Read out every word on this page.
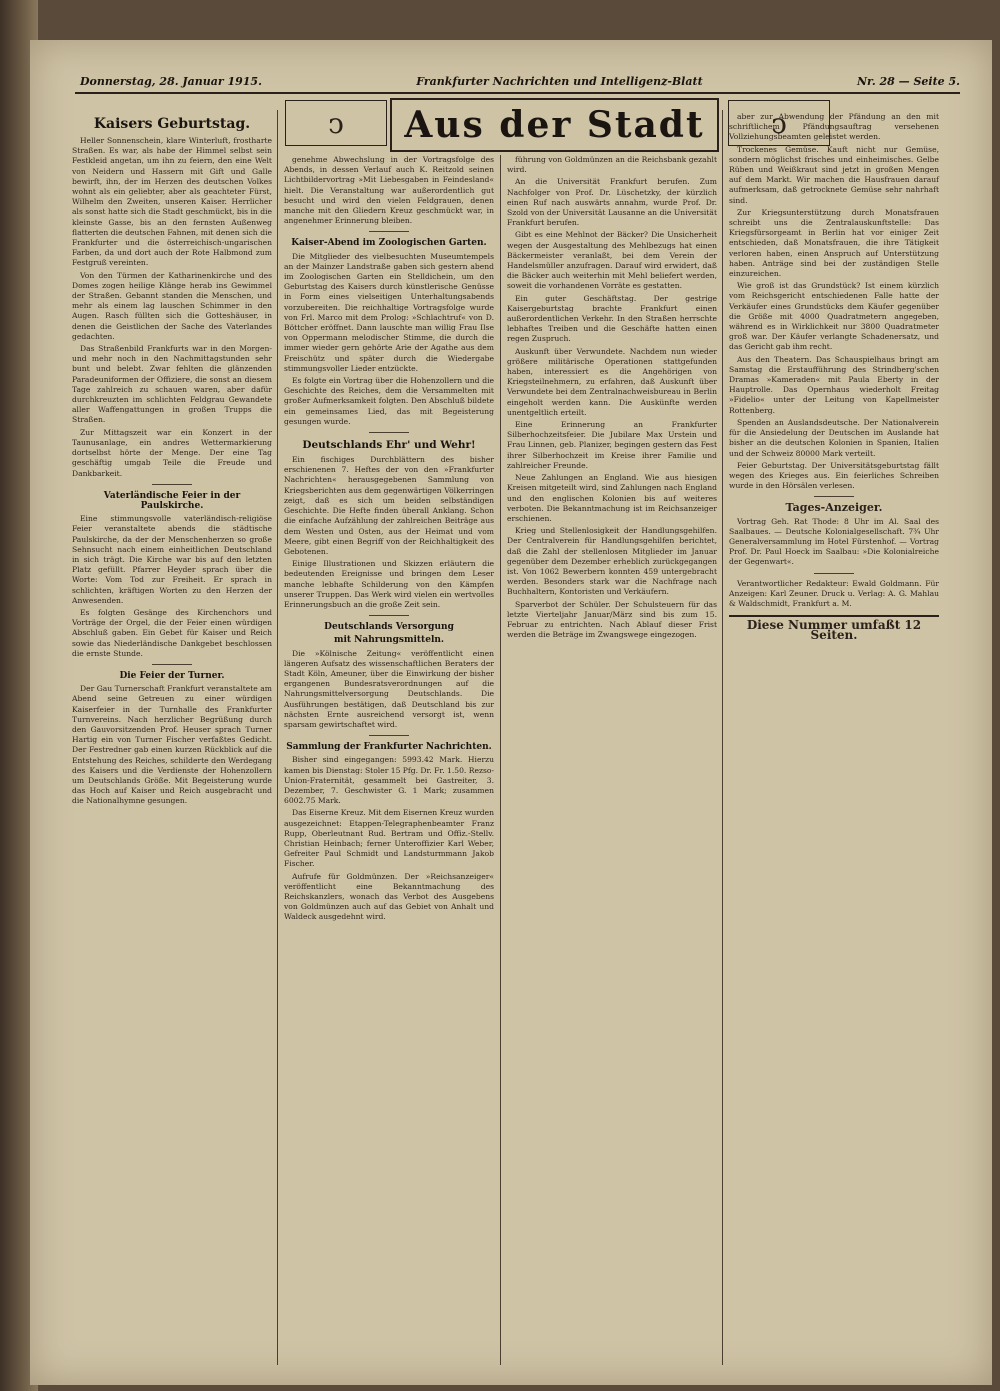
Donnerstag, 28. Januar 1915.	Frankfurter Nachrichten und Intelligenz-Blatt	Nr. 28 — Seite 5.
ↄ	Aus der Stadt	ↄ
Kaisers Geburtstag.

Heller Sonnenschein, klare Winterluft, frostharte Straßen. Es war, als habe der Himmel selbst sein Festkleid angetan, um ihn zu feiern, den eine Welt von Neidern und Hassern mit Gift und Galle bewirft, ihn, der im Herzen des deutschen Volkes wohnt als ein geliebter, aber als geachteter Fürst, Wilhelm den Zweiten, unseren Kaiser. Herrlicher als sonst hatte sich die Stadt geschmückt, bis in die kleinste Gasse, bis an den fernsten Außenweg flatterten die deutschen Fahnen, mit denen sich die Frankfurter und die österreichisch-ungarischen Farben, da und dort auch der Rote Halbmond zum Festgruß vereinten.

Von den Türmen der Katharinenkirche und des Domes zogen heilige Klänge herab ins Gewimmel der Straßen. Gebannt standen die Menschen, und mehr als einem lag lauschen Schimmer in den Augen. Rasch füllten sich die Gotteshäuser, in denen die Geistlichen der Sache des Vaterlandes gedachten.

Das Straßenbild Frankfurts war in den Morgen- und mehr noch in den Nachmittagstunden sehr bunt und belebt. Zwar fehlten die glänzenden Paradeuniformen der Offiziere, die sonst an diesem Tage zahlreich zu schauen waren, aber dafür durchkreuzten im schlichten Feldgrau Gewandete aller Waffengattungen in großen Trupps die Straßen.

Zur Mittagszeit war ein Konzert in der Taunusanlage, ein andres Wettermarkierung dortselbst hörte der Menge. Der eine Tag geschäftig umgab Teile die Freude und Dankbarkeit.

Vaterländische Feier in der Paulskirche.

Eine stimmungsvolle vaterländisch-religiöse Feier veranstaltete abends die städtische Paulskirche, da der der Menschenherzen so große Sehnsucht nach einem einheitlichen Deutschland in sich trägt. Die Kirche war bis auf den letzten Platz gefüllt. Pfarrer Heyder sprach über die Worte: Vom Tod zur Freiheit. Er sprach in schlichten, kräftigen Worten zu den Herzen der Anwesenden.

Es folgten Gesänge des Kirchenchors und Vorträge der Orgel, die der Feier einen würdigen Abschluß gaben. Ein Gebet für Kaiser und Reich sowie das Niederländische Dankgebet beschlossen die ernste Stunde.

Die Feier der Turner.

Der Gau Turnerschaft Frankfurt veranstaltete am Abend seine Getreuen zu einer würdigen Kaiserfeier in der Turnhalle des Frankfurter Turnvereins. Nach herzlicher Begrüßung durch den Gauvorsitzenden Prof. Heuser sprach Turner Hartig ein von Turner Fischer verfaßtes Gedicht. Der Festredner gab einen kurzen Rückblick auf die Entstehung des Reiches, schilderte den Werdegang des Kaisers und die Verdienste der Hohenzollern um Deutschlands Größe. Mit Begeisterung wurde das Hoch auf Kaiser und Reich ausgebracht und die Nationalhymne gesungen.

genehme Abwechslung in der Vortragsfolge des Abends, in dessen Verlauf auch K. Reitzold seinen Lichtbildervortrag »Mit Liebesgaben in Feindesland« hielt. Die Veranstaltung war außerordentlich gut besucht und wird den vielen Feldgrauen, denen manche mit den Gliedern Kreuz geschmückt war, in angenehmer Erinnerung bleiben.

Kaiser-Abend im Zoologischen Garten.

Die Mitglieder des vielbesuchten Museumtempels an der Mainzer Landstraße gaben sich gestern abend im Zoologischen Garten ein Stelldichein, um den Geburtstag des Kaisers durch künstlerische Genüsse in Form eines vielseitigen Unterhaltungsabends vorzubereiten. Die reichhaltige Vortragsfolge wurde von Frl. Marco mit dem Prolog: »Schlachtruf« von D. Böttcher eröffnet. Dann lauschte man willig Frau Ilse von Oppermann melodischer Stimme, die durch die immer wieder gern gehörte Arie der Agathe aus dem Freischütz und später durch die Wiedergabe stimmungsvoller Lieder entzückte.

Es folgte ein Vortrag über die Hohenzollern und die Geschichte des Reiches, dem die Versammelten mit großer Aufmerksamkeit folgten. Den Abschluß bildete ein gemeinsames Lied, das mit Begeisterung gesungen wurde.

Deutschlands Ehr' und Wehr!

Ein fischiges Durchblättern des bisher erschienenen 7. Heftes der von den »Frankfurter Nachrichten« herausgegebenen Sammlung von Kriegsberichten aus dem gegenwärtigen Völkerringen zeigt, daß es sich um beiden selbständigen Geschichte. Die Hefte finden überall Anklang. Schon die einfache Aufzählung der zahlreichen Beiträge aus dem Westen und Osten, aus der Heimat und vom Meere, gibt einen Begriff von der Reichhaltigkeit des Gebotenen.

Einige Illustrationen und Skizzen erläutern die bedeutenden Ereignisse und bringen dem Leser manche lebhafte Schilderung von den Kämpfen unserer Truppen. Das Werk wird vielen ein wertvolles Erinnerungsbuch an die große Zeit sein.

Deutschlands Versorgung
mit Nahrungsmitteln.

Die »Kölnische Zeitung« veröffentlicht einen längeren Aufsatz des wissenschaftlichen Beraters der Stadt Köln, Ameuner, über die Einwirkung der bisher ergangenen Bundesratsverordnungen auf die Nahrungsmittelversorgung Deutschlands. Die Ausführungen bestätigen, daß Deutschland bis zur nächsten Ernte ausreichend versorgt ist, wenn sparsam gewirtschaftet wird.

Sammlung der Frankfurter Nachrichten.

Bisher sind eingegangen: 5993.42 Mark. Hierzu kamen bis Dienstag: Stoler 15 Pfg. Dr. Fr. 1.50. Rezso-Union-Fraternität, gesammelt bei Gastreiter, 3. Dezember, 7. Geschwister G. 1 Mark; zusammen 6002.75 Mark.

Das Eiserne Kreuz. Mit dem Eisernen Kreuz wurden ausgezeichnet: Etappen-Telegraphenbeamter Franz Rupp, Oberleutnant Rud. Bertram und Offiz.-Stellv. Christian Heinbach; ferner Unteroffizier Karl Weber, Gefreiter Paul Schmidt und Landsturmmann Jakob Fischer.

Aufrufe für Goldmünzen. Der »Reichsanzeiger« veröffentlicht eine Bekanntmachung des Reichskanzlers, wonach das Verbot des Ausgebens von Goldmünzen auch auf das Gebiet von Anhalt und Waldeck ausgedehnt wird.

führung von Goldmünzen an die Reichsbank gezahlt wird.

An die Universität Frankfurt berufen. Zum Nachfolger von Prof. Dr. Lüschetzky, der kürzlich einen Ruf nach auswärts annahm, wurde Prof. Dr. Szold von der Universität Lausanne an die Universität Frankfurt berufen.

Gibt es eine Mehlnot der Bäcker? Die Unsicherheit wegen der Ausgestaltung des Mehlbezugs hat einen Bäckermeister veranlaßt, bei dem Verein der Handelsmüller anzufragen. Darauf wird erwidert, daß die Bäcker auch weiterhin mit Mehl beliefert werden, soweit die vorhandenen Vorräte es gestatten.

Ein guter Geschäftstag. Der gestrige Kaisergeburtstag brachte Frankfurt einen außerordentlichen Verkehr. In den Straßen herrschte lebhaftes Treiben und die Geschäfte hatten einen regen Zuspruch.

Auskunft über Verwundete. Nachdem nun wieder größere militärische Operationen stattgefunden haben, interessiert es die Angehörigen von Kriegsteilnehmern, zu erfahren, daß Auskunft über Verwundete bei dem Zentralnachweisbureau in Berlin eingeholt werden kann. Die Auskünfte werden unentgeltlich erteilt.

Eine Erinnerung an Frankfurter Silberhochzeitsfeier. Die Jubilare Max Urstein und Frau Linnen, geb. Planizer, begingen gestern das Fest ihrer Silberhochzeit im Kreise ihrer Familie und zahlreicher Freunde.

Neue Zahlungen an England. Wie aus hiesigen Kreisen mitgeteilt wird, sind Zahlungen nach England und den englischen Kolonien bis auf weiteres verboten. Die Bekanntmachung ist im Reichsanzeiger erschienen.

Krieg und Stellenlosigkeit der Handlungsgehilfen. Der Centralverein für Handlungsgehilfen berichtet, daß die Zahl der stellenlosen Mitglieder im Januar gegenüber dem Dezember erheblich zurückgegangen ist. Von 1062 Bewerbern konnten 459 untergebracht werden. Besonders stark war die Nachfrage nach Buchhaltern, Kontoristen und Verkäufern.

Sparverbot der Schüler. Der Schulsteuern für das letzte Vierteljahr Januar/März sind bis zum 15. Februar zu entrichten. Nach Ablauf dieser Frist werden die Beträge im Zwangswege eingezogen.

aber zur Abwendung der Pfändung an den mit schriftlichem Pfändungsauftrag versehenen Vollziehungsbeamten geleistet werden.

Trockenes Gemüse. Kauft nicht nur Gemüse, sondern möglichst frisches und einheimisches. Gelbe Rüben und Weißkraut sind jetzt in großen Mengen auf dem Markt. Wir machen die Hausfrauen darauf aufmerksam, daß getrocknete Gemüse sehr nahrhaft sind.

Zur Kriegsunterstützung durch Monatsfrauen schreibt uns die Zentralauskunftstelle: Das Kriegsfürsorgeamt in Berlin hat vor einiger Zeit entschieden, daß Monatsfrauen, die ihre Tätigkeit verloren haben, einen Anspruch auf Unterstützung haben. Anträge sind bei der zuständigen Stelle einzureichen.

Wie groß ist das Grundstück? Ist einem kürzlich vom Reichsgericht entschiedenen Falle hatte der Verkäufer eines Grundstücks dem Käufer gegenüber die Größe mit 4000 Quadratmetern angegeben, während es in Wirklichkeit nur 3800 Quadratmeter groß war. Der Käufer verlangte Schadenersatz, und das Gericht gab ihm recht.

Aus den Theatern. Das Schauspielhaus bringt am Samstag die Erstaufführung des Strindberg'schen Dramas »Kameraden« mit Paula Eberty in der Hauptrolle. Das Opernhaus wiederholt Freitag »Fidelio« unter der Leitung von Kapellmeister Rottenberg.

Spenden an Auslandsdeutsche. Der Nationalverein für die Ansiedelung der Deutschen im Auslande hat bisher an die deutschen Kolonien in Spanien, Italien und der Schweiz 80000 Mark verteilt.

Feier Geburtstag. Der Universitätsgeburtstag fällt wegen des Krieges aus. Ein feierliches Schreiben wurde in den Hörsälen verlesen.

Tages-Anzeiger.

Vortrag Geh. Rat Thode: 8 Uhr im Al. Saal des Saalbaues. — Deutsche Kolonialgesellschaft. 7¾ Uhr Generalversammlung im Hotel Fürstenhof. — Vortrag Prof. Dr. Paul Hoeck im Saalbau: »Die Kolonialreiche der Gegenwart«.

Verantwortlicher Redakteur: Ewald Goldmann. Für Anzeigen: Karl Zeuner. Druck u. Verlag: A. G. Mahlau & Waldschmidt, Frankfurt a. M.

Diese Nummer umfaßt 12 Seiten.
